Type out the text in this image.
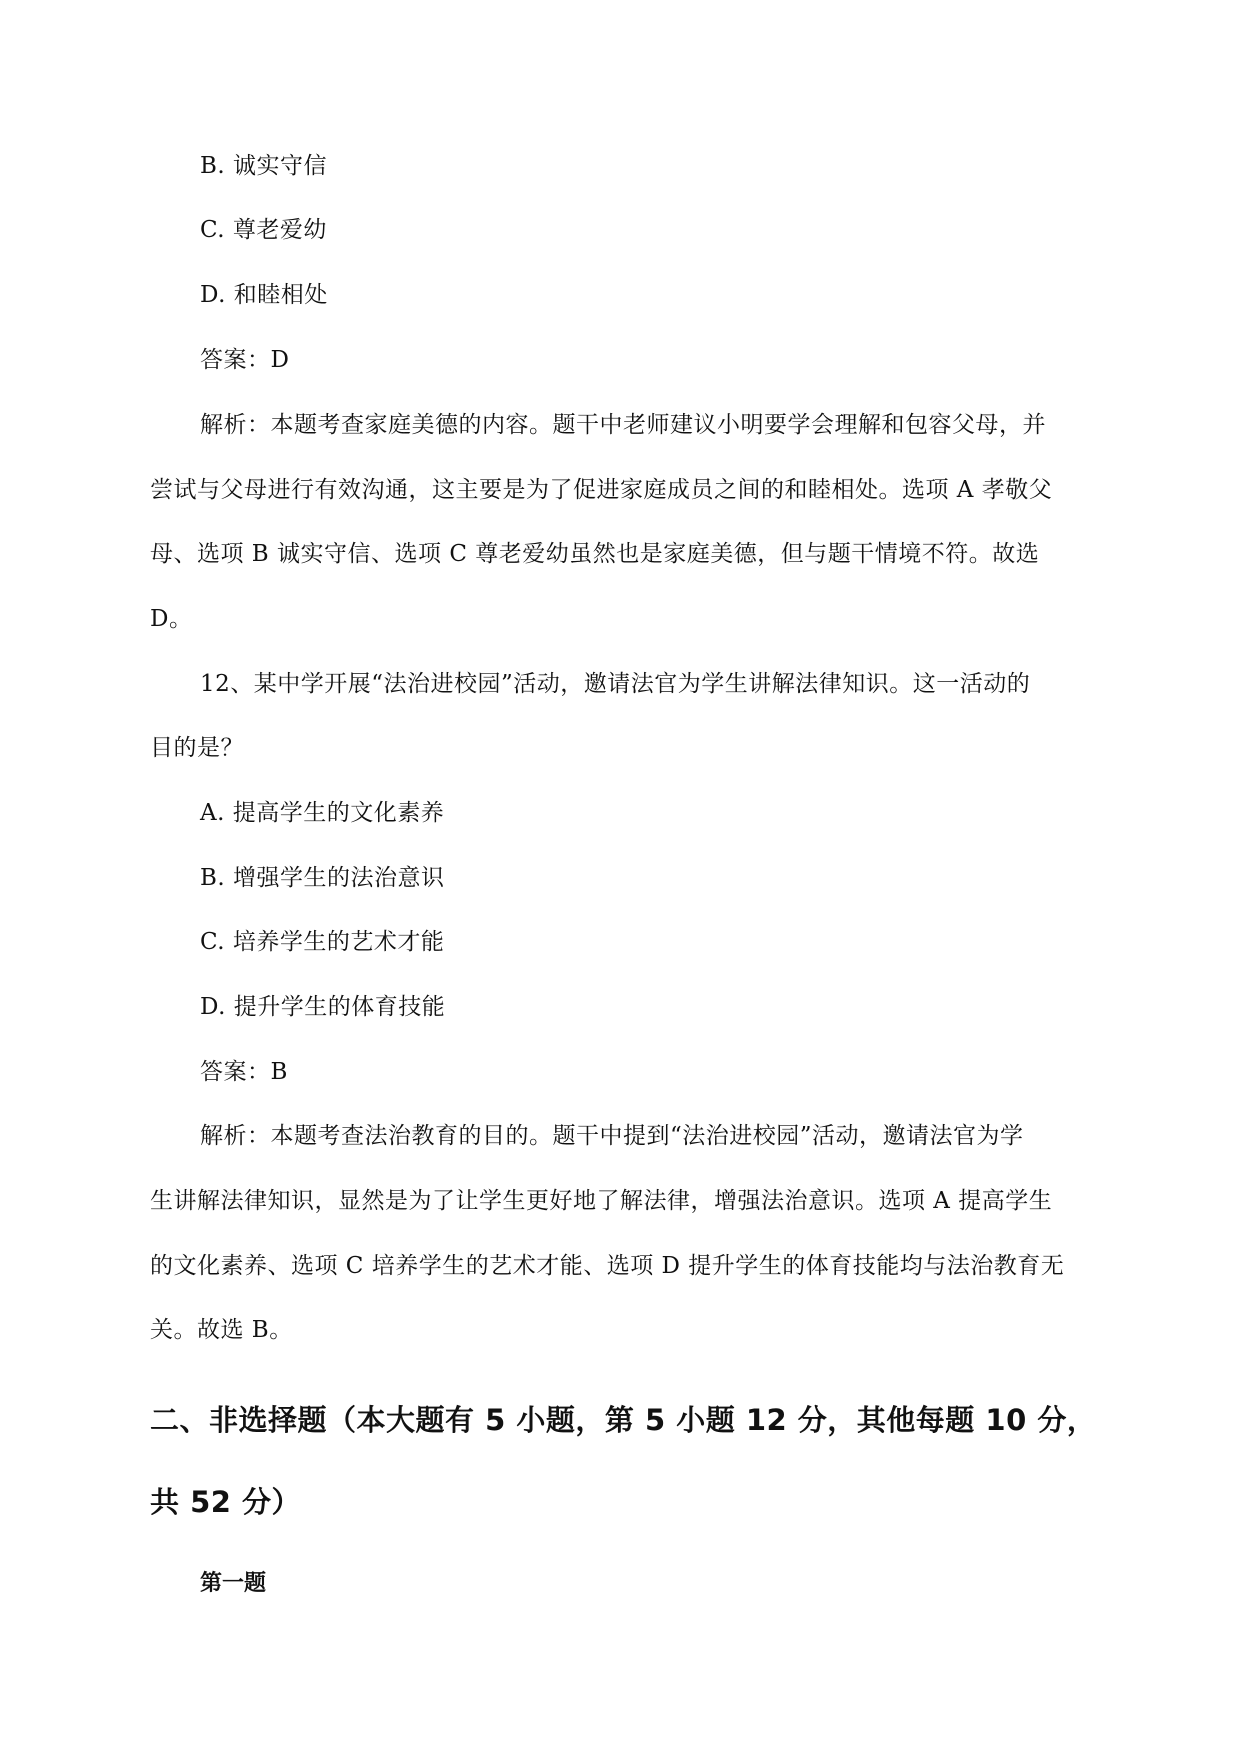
B. 诚实守信
C. 尊老爱幼
D. 和睦相处
答案：D
解析：本题考查家庭美德的内容。题干中老师建议小明要学会理解和包容父母，并
尝试与父母进行有效沟通，这主要是为了促进家庭成员之间的和睦相处。选项 A 孝敬父
母、选项 B 诚实守信、选项 C 尊老爱幼虽然也是家庭美德，但与题干情境不符。故选
D。
12、某中学开展“法治进校园”活动，邀请法官为学生讲解法律知识。这一活动的
目的是？
A. 提高学生的文化素养
B. 增强学生的法治意识
C. 培养学生的艺术才能
D. 提升学生的体育技能
答案：B
解析：本题考查法治教育的目的。题干中提到“法治进校园”活动，邀请法官为学
生讲解法律知识，显然是为了让学生更好地了解法律，增强法治意识。选项 A 提高学生
的文化素养、选项 C 培养学生的艺术才能、选项 D 提升学生的体育技能均与法治教育无
关。故选 B。
二、非选择题（本大题有 5 小题，第 5 小题 12 分，其他每题 10 分，
共 52 分）
第一题
